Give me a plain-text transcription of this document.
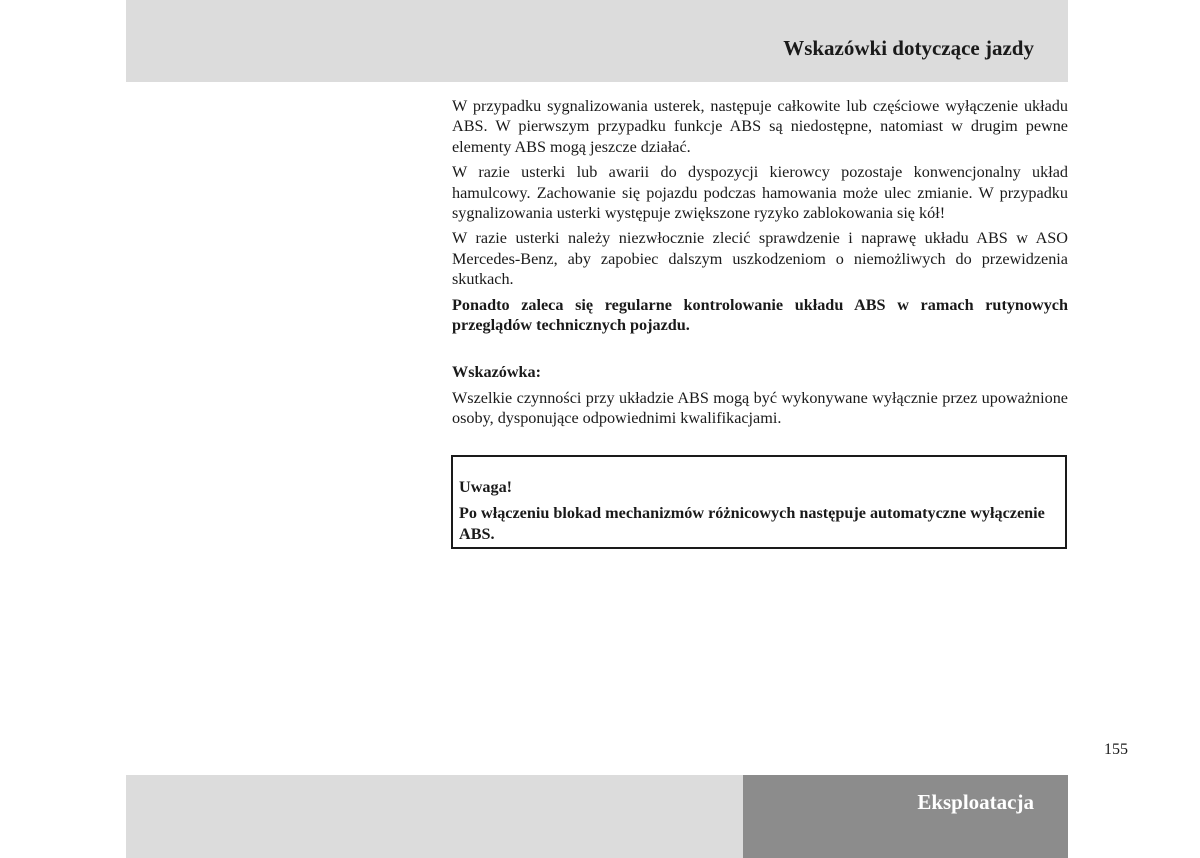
Wskazówki dotyczące jazdy

W przypadku sygnalizowania usterek, następuje całkowite lub częściowe wyłączenie układu ABS. W pierwszym przypadku funkcje ABS są niedostępne, natomiast w drugim pewne elementy ABS mogą jeszcze działać.

W razie usterki lub awarii do dyspozycji kierowcy pozostaje konwencjonalny układ hamulcowy. Zachowanie się pojazdu podczas hamowania może ulec zmianie. W przypadku sygnalizowania usterki występuje zwiększone ryzyko zablokowania się kół!

W razie usterki należy niezwłocznie zlecić sprawdzenie i naprawę układu ABS w ASO Mercedes-Benz, aby zapobiec dalszym uszkodzeniom o niemożliwych do przewidzenia skutkach.

Ponadto zaleca się regularne kontrolowanie układu ABS w ramach rutynowych przeglądów technicznych pojazdu.

Wskazówka:

Wszelkie czynności przy układzie ABS mogą być wykonywane wyłącznie przez upoważnione osoby, dysponujące odpowiednimi kwalifikacjami.

Uwaga!

Po włączeniu blokad mechanizmów różnicowych następuje automatyczne wyłączenie ABS.

155
Eksploatacja
